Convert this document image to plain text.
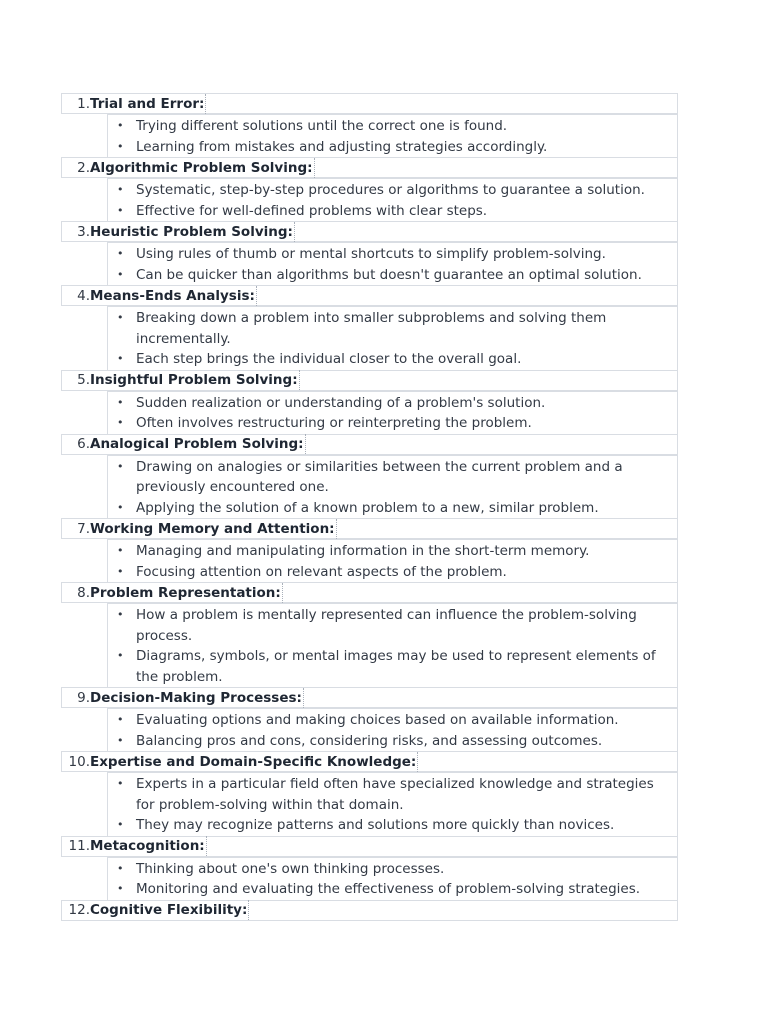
1. Trial and Error:
• Trying different solutions until the correct one is found.
• Learning from mistakes and adjusting strategies accordingly.
2. Algorithmic Problem Solving:
• Systematic, step-by-step procedures or algorithms to guarantee a solution.
• Effective for well-defined problems with clear steps.
3. Heuristic Problem Solving:
• Using rules of thumb or mental shortcuts to simplify problem-solving.
• Can be quicker than algorithms but doesn't guarantee an optimal solution.
4. Means-Ends Analysis:
• Breaking down a problem into smaller subproblems and solving them incrementally.
• Each step brings the individual closer to the overall goal.
5. Insightful Problem Solving:
• Sudden realization or understanding of a problem's solution.
• Often involves restructuring or reinterpreting the problem.
6. Analogical Problem Solving:
• Drawing on analogies or similarities between the current problem and a previously encountered one.
• Applying the solution of a known problem to a new, similar problem.
7. Working Memory and Attention:
• Managing and manipulating information in the short-term memory.
• Focusing attention on relevant aspects of the problem.
8. Problem Representation:
• How a problem is mentally represented can influence the problem-solving process.
• Diagrams, symbols, or mental images may be used to represent elements of the problem.
9. Decision-Making Processes:
• Evaluating options and making choices based on available information.
• Balancing pros and cons, considering risks, and assessing outcomes.
10. Expertise and Domain-Specific Knowledge:
• Experts in a particular field often have specialized knowledge and strategies for problem-solving within that domain.
• They may recognize patterns and solutions more quickly than novices.
11. Metacognition:
• Thinking about one's own thinking processes.
• Monitoring and evaluating the effectiveness of problem-solving strategies.
12. Cognitive Flexibility:
